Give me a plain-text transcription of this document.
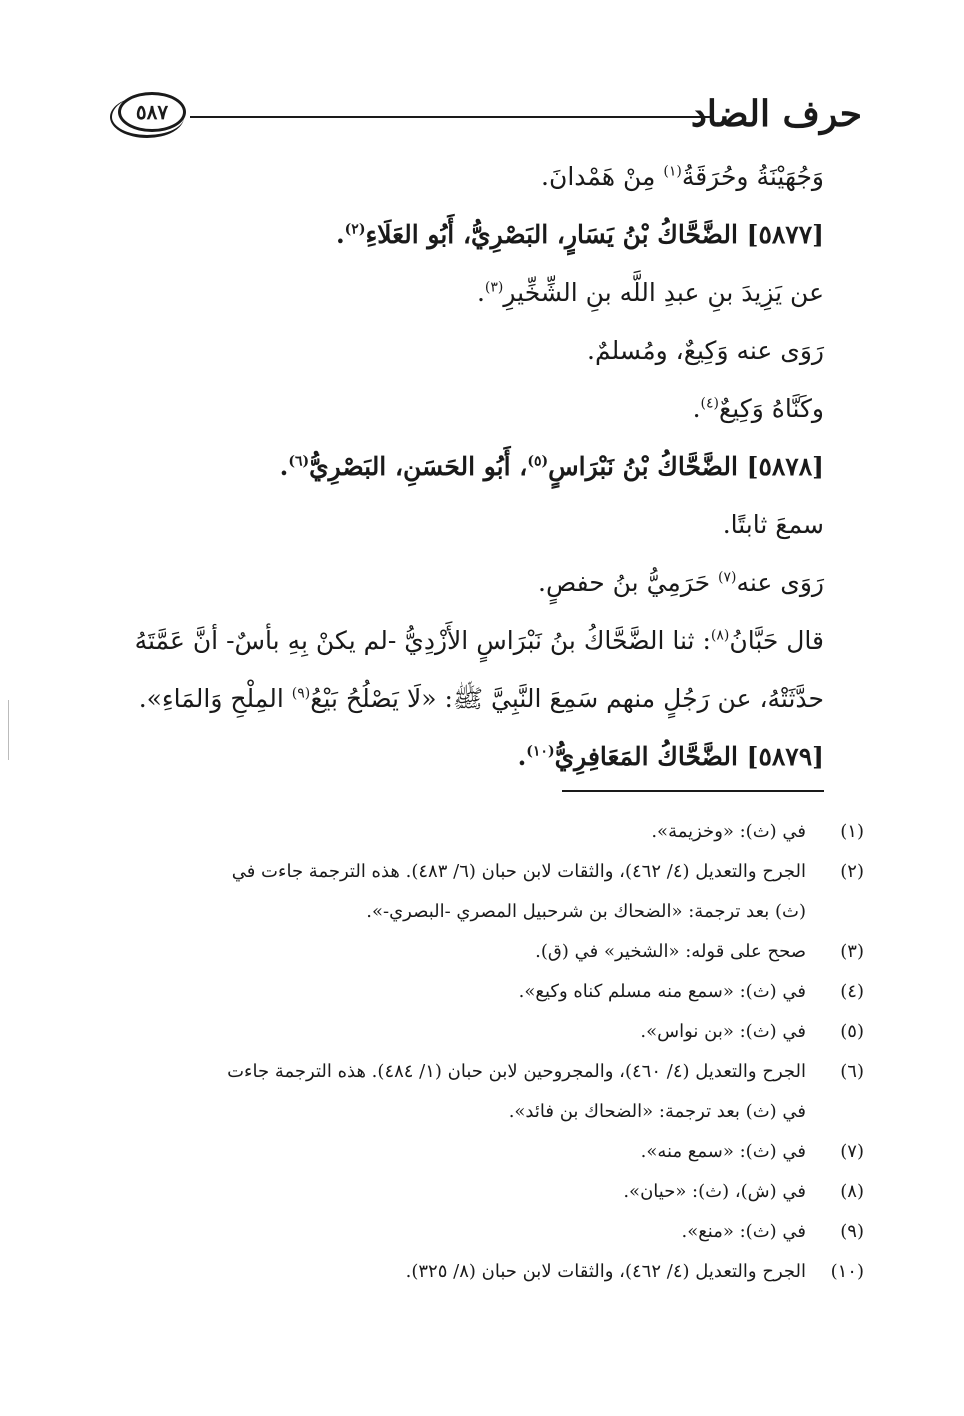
حرف الضاد
٥٨٧
وَجُهَيْنَةُ وحُرَقَةُ$^{(١)}$ مِنْ هَمْدانَ.
[٥٨٧٧] الضَّحَّاكُ بْنُ يَسَارٍ، البَصْرِيُّ، أَبُو العَلَاءِ$^{(٢)}$.
عن يَزِيدَ بنِ عبدِ اللَّه بنِ الشِّخِّيرِ$^{(٣)}$.
رَوَى عنه وَكِيعٌ، ومُسلمٌ.
وكَنَّاهُ وَكِيعٌ$^{(٤)}$.
[٥٨٧٨] الضَّحَّاكُ بْنُ نَبْرَاسٍ$^{(٥)}$، أَبُو الحَسَنِ، البَصْرِيُّ$^{(٦)}$.
سمعَ ثابتًا.
رَوَى عنه$^{(٧)}$ حَرَمِيُّ بنُ حفصٍ.
قال حَبَّانُ$^{(٨)}$: ثنا الضَّحَّاكُ بنُ نَبْرَاسٍ الأَزْدِيُّ -لم يكنْ بِهِ بأسٌ- أنَّ عَمَّتَهُ
حدَّثَتْهُ، عن رَجُلٍ منهم سَمِعَ النَّبِيَّ ﷺ: «لَا يَصْلُحُ بَيْعُ$^{(٩)}$ المِلْحِ وَالمَاءِ».
[٥٨٧٩] الضَّحَّاكُ المَعَافِرِيُّ$^{(١٠)}$.
(١)
في (ث): «وخزيمة».
(٢)
الجرح والتعديل (٤/ ٤٦٢)، والثقات لابن حبان (٦/ ٤٨٣). هذه الترجمة جاءت في
(ث) بعد ترجمة: «الضحاك بن شرحبيل المصري -البصري-».
(٣)
صحح على قوله: «الشخير» في (ق).
(٤)
في (ث): «سمع منه مسلم كناه وكيع».
(٥)
في (ث): «بن نواس».
(٦)
الجرح والتعديل (٤/ ٤٦٠)، والمجروحين لابن حبان (١/ ٤٨٤). هذه الترجمة جاءت
في (ث) بعد ترجمة: «الضحاك بن فائد».
(٧)
في (ث): «سمع منه».
(٨)
في (ش)، (ث): «حيان».
(٩)
في (ث): «منع».
(١٠)
الجرح والتعديل (٤/ ٤٦٢)، والثقات لابن حبان (٨/ ٣٢٥).
